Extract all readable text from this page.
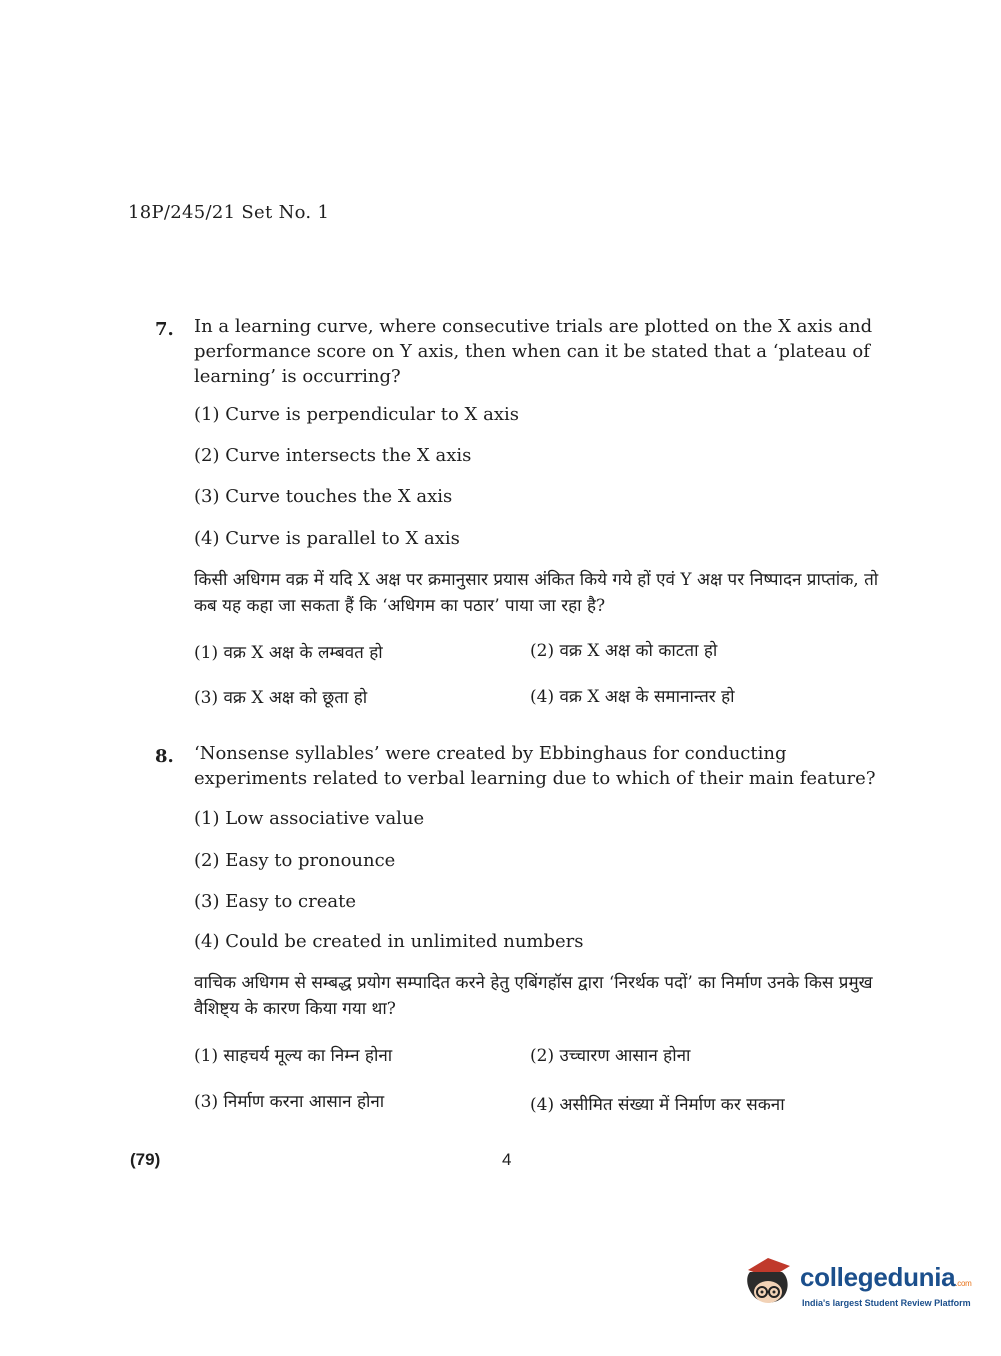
18P/245/21 Set No. 1
7. In a learning curve, where consecutive trials are plotted on the X axis and performance score on Y axis, then when can it be stated that a ‘plateau of learning’ is occurring?
(1) Curve is perpendicular to X axis
(2) Curve intersects the X axis
(3) Curve touches the X axis
(4) Curve is parallel to X axis
किसी अधिगम वक्र में यदि X अक्ष पर क्रमानुसार प्रयास अंकित किये गये हों एवं Y अक्ष पर निष्पादन प्राप्तांक, तो कब यह कहा जा सकता हैं कि ‘अधिगम का पठार’ पाया जा रहा है?
(1) वक्र X अक्ष के लम्बवत हो	(2) वक्र X अक्ष को काटता हो
(3) वक्र X अक्ष को छूता हो	(4) वक्र X अक्ष के समानान्तर हो
8. ‘Nonsense syllables’ were created by Ebbinghaus for conducting experiments related to verbal learning due to which of their main feature?
(1) Low associative value
(2) Easy to pronounce
(3) Easy to create
(4) Could be created in unlimited numbers
वाचिक अधिगम से सम्बद्ध प्रयोग सम्पादित करने हेतु एबिंगहॉस द्वारा ‘निरर्थक पदों’ का निर्माण उनके किस प्रमुख वैशिष्ट्य के कारण किया गया था?
(1) साहचर्य मूल्य का निम्न होना	(2) उच्चारण आसान होना
(3) निर्माण करना आसान होना	(4) असीमित संख्या में निर्माण कर सकना
(79)	4
collegedunia.com
India's largest Student Review Platform
